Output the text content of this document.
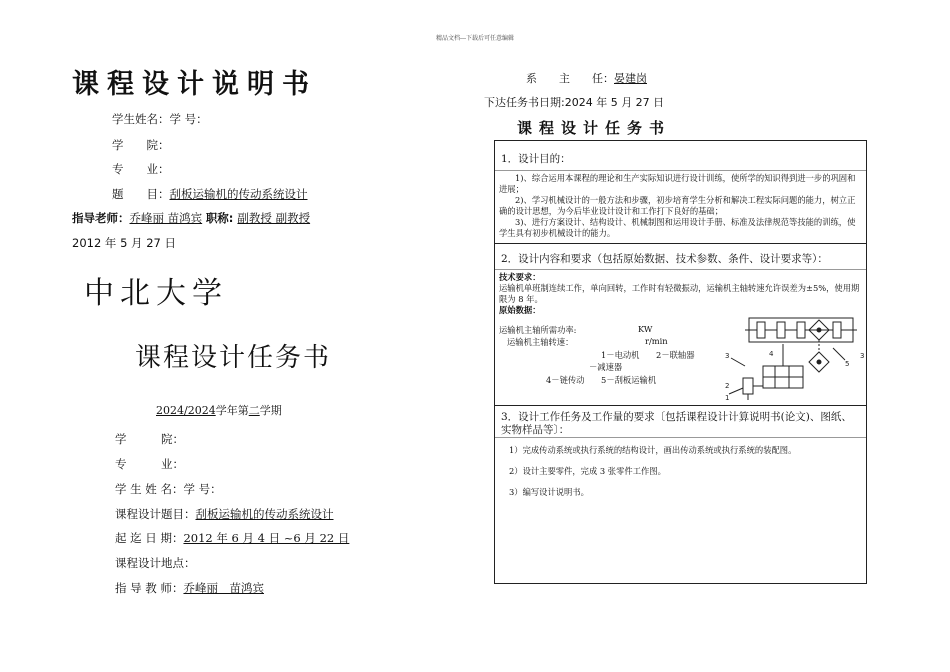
精品文档---下载后可任意编辑
课程设计说明书
学生姓名：学 号：
学　　院：
专　　业：
题　　目：刮板运输机的传动系统设计
指导老师：乔峰丽 苗鸿宾 职称: 副教授 副教授
2012 年 5 月 27 日
中北大学
课程设计任务书
2024/2024学年第二学期
学　　　院：
专　　　业：
学 生 姓 名：学 号：
课程设计题目：刮板运输机的传动系统设计
起 迄 日 期：2012 年 6 月 4 日 ~6 月 22 日
课程设计地点：
指 导 教 师：乔峰丽　苗鸿宾
系　　主　　任：晏建岗
下达任务书日期:2024 年 5 月 27 日
课程设计任务书
1．设计目的：
1)、综合运用本课程的理论和生产实际知识进行设计训练，使所学的知识得到进一步的巩固和进展；
2)、学习机械设计的一般方法和步骤，初步培育学生分析和解决工程实际问题的能力，树立正确的设计思想，为今后毕业设计设计和工作打下良好的基础；
3)、进行方案设计、结构设计、机械制图和运用设计手册、标准及法律规范等技能的训练，使学生具有初步机械设计的能力。
2．设计内容和要求（包括原始数据、技术参数、条件、设计要求等）：
技术要求：
运输机单班制连续工作，单向回转，工作时有轻微振动，运输机主轴转速允许误差为±5%，使用期限为 8 年。
原始数据：
运输机主轴所需功率:	KW
运输机主轴转速：	r/min
1－电动机　　2－联轴器
－减速器
4－链传动　　5－刮板运输机
3	4
5
3
2
1
3．设计工作任务及工作量的要求〔包括课程设计计算说明书(论文)、图纸、实物样品等〕：
1）完成传动系统或执行系统的结构设计，画出传动系统或执行系统的装配图。
2）设计主要零件，完成 3 张零件工作图。
3）编写设计说明书。
